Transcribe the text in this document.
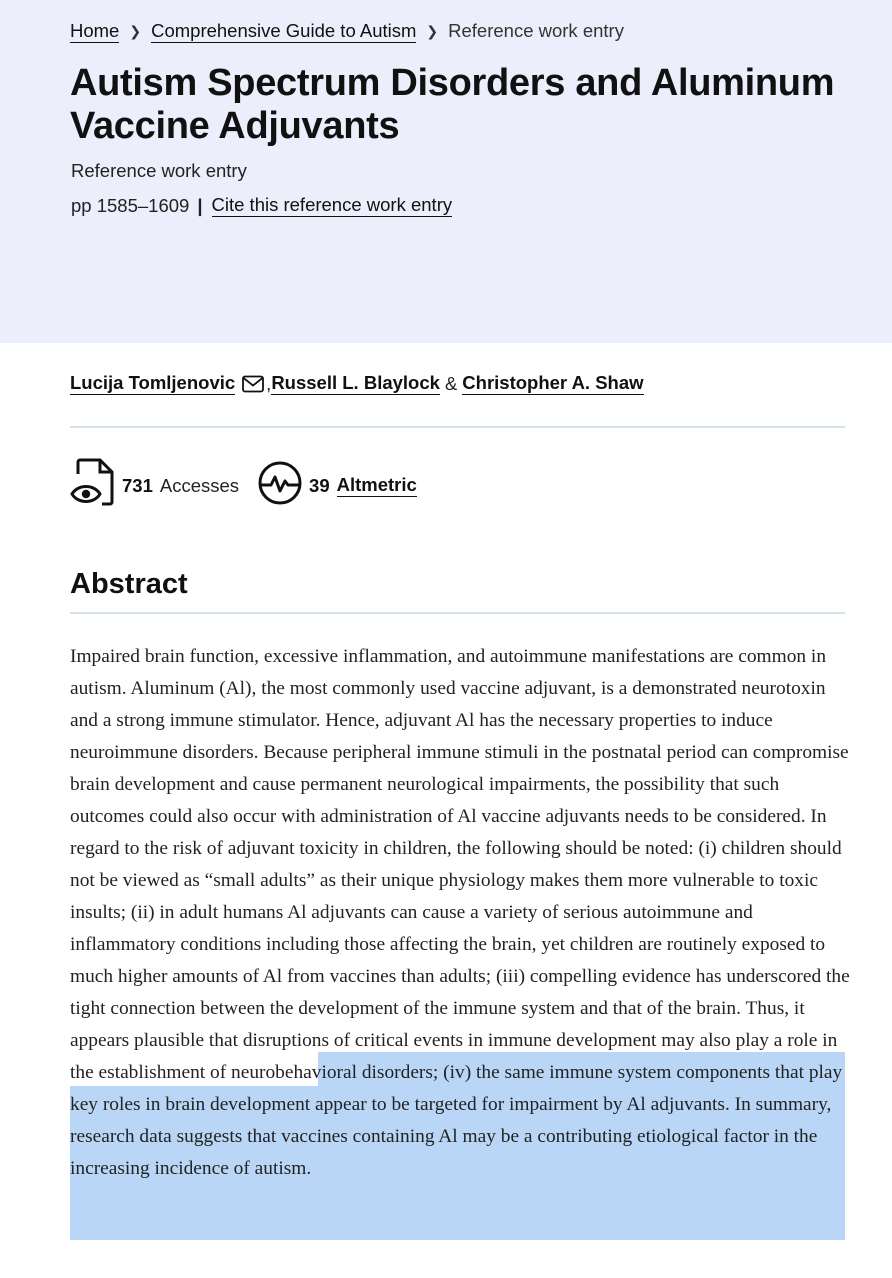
Home ❯ Comprehensive Guide to Autism ❯ Reference work entry
Autism Spectrum Disorders and Aluminum Vaccine Adjuvants
Reference work entry
pp 1585–1609 | Cite this reference work entry
Lucija Tomljenovic , Russell L. Blaylock & Christopher A. Shaw
731 Accesses	39 Altmetric
Abstract

Impaired brain function, excessive inflammation, and autoimmune manifestations are common in autism. Aluminum (Al), the most commonly used vaccine adjuvant, is a demonstrated neurotoxin and a strong immune stimulator. Hence, adjuvant Al has the necessary properties to induce neuroimmune disorders. Because peripheral immune stimuli in the postnatal period can compromise brain development and cause permanent neurological impairments, the possibility that such outcomes could also occur with administration of Al vaccine adjuvants needs to be considered. In regard to the risk of adjuvant toxicity in children, the following should be noted: (i) children should not be viewed as “small adults” as their unique physiology makes them more vulnerable to toxic insults; (ii) in adult humans Al adjuvants can cause a variety of serious autoimmune and inflammatory conditions including those affecting the brain, yet children are routinely exposed to much higher amounts of Al from vaccines than adults; (iii) compelling evidence has underscored the tight connection between the development of the immune system and that of the brain. Thus, it appears plausible that disruptions of critical events in immune development may also play a role in the establishment of neurobehavioral disorders; (iv) the same immune system components that play key roles in brain development appear to be targeted for impairment by Al adjuvants. In summary, research data suggests that vaccines containing Al may be a contributing etiological factor in the increasing incidence of autism.
